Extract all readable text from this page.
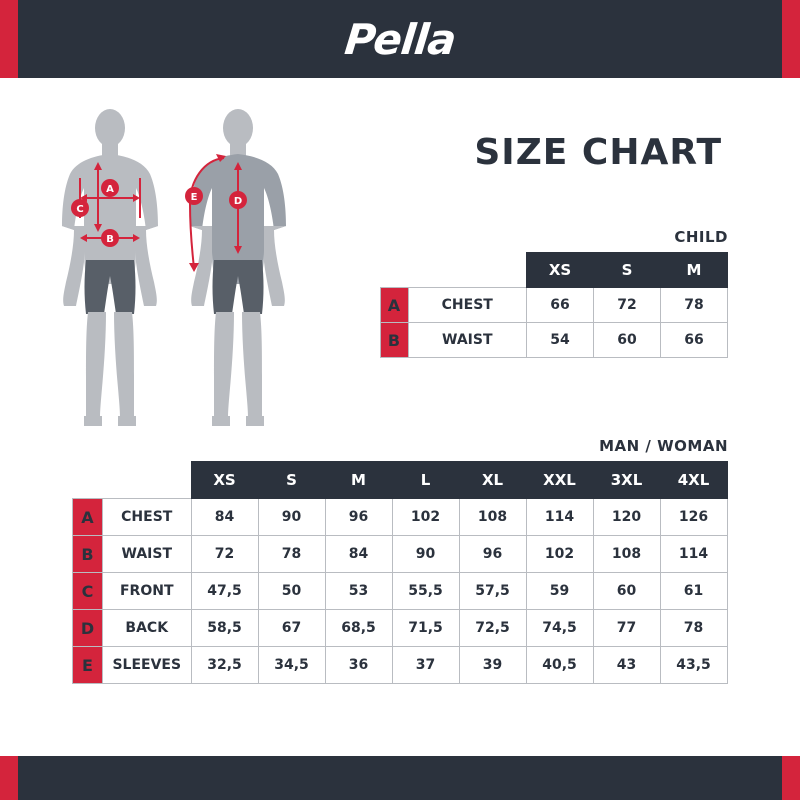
Pella
SIZE CHART
A
B
C
D
E
CHILD
		XS	S	M
A	CHEST	66	72	78
B	WAIST	54	60	66
MAN / WOMAN
		XS	S	M	L	XL	XXL	3XL	4XL
A	CHEST	84	90	96	102	108	114	120	126
B	WAIST	72	78	84	90	96	102	108	114
C	FRONT	47,5	50	53	55,5	57,5	59	60	61
D	BACK	58,5	67	68,5	71,5	72,5	74,5	77	78
E	SLEEVES	32,5	34,5	36	37	39	40,5	43	43,5
